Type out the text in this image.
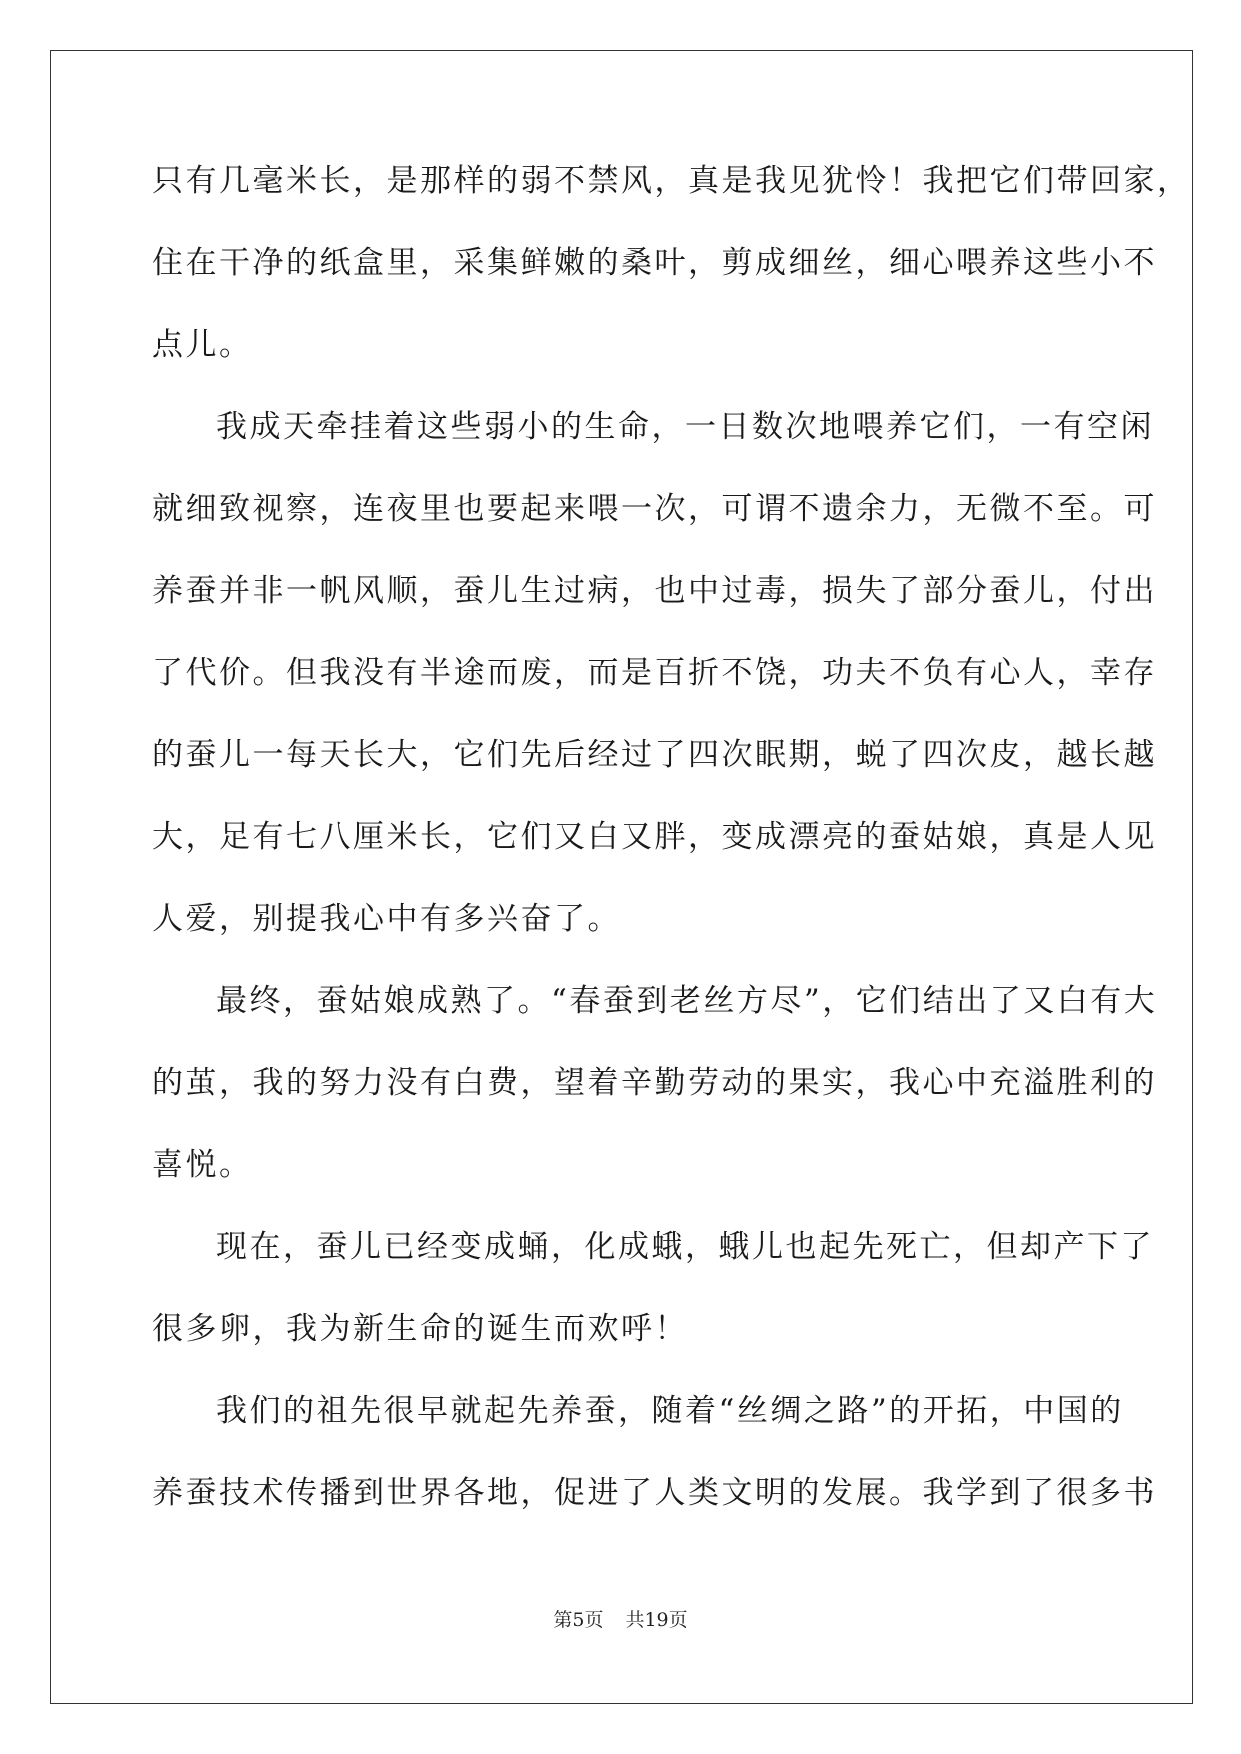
只有几毫米长，是那样的弱不禁风，真是我见犹怜！我把它们带回家，
住在干净的纸盒里，采集鲜嫩的桑叶，剪成细丝，细心喂养这些小不
点儿。
我成天牵挂着这些弱小的生命，一日数次地喂养它们，一有空闲
就细致视察，连夜里也要起来喂一次，可谓不遗余力，无微不至。可
养蚕并非一帆风顺，蚕儿生过病，也中过毒，损失了部分蚕儿，付出
了代价。但我没有半途而废，而是百折不饶，功夫不负有心人，幸存
的蚕儿一每天长大，它们先后经过了四次眠期，蜕了四次皮，越长越
大，足有七八厘米长，它们又白又胖，变成漂亮的蚕姑娘，真是人见
人爱，别提我心中有多兴奋了。
最终，蚕姑娘成熟了。“春蚕到老丝方尽”，它们结出了又白有大
的茧，我的努力没有白费，望着辛勤劳动的果实，我心中充溢胜利的
喜悦。
现在，蚕儿已经变成蛹，化成蛾，蛾儿也起先死亡，但却产下了
很多卵，我为新生命的诞生而欢呼！
我们的祖先很早就起先养蚕，随着“丝绸之路”的开拓，中国的
养蚕技术传播到世界各地，促进了人类文明的发展。我学到了很多书
第5页 共19页
